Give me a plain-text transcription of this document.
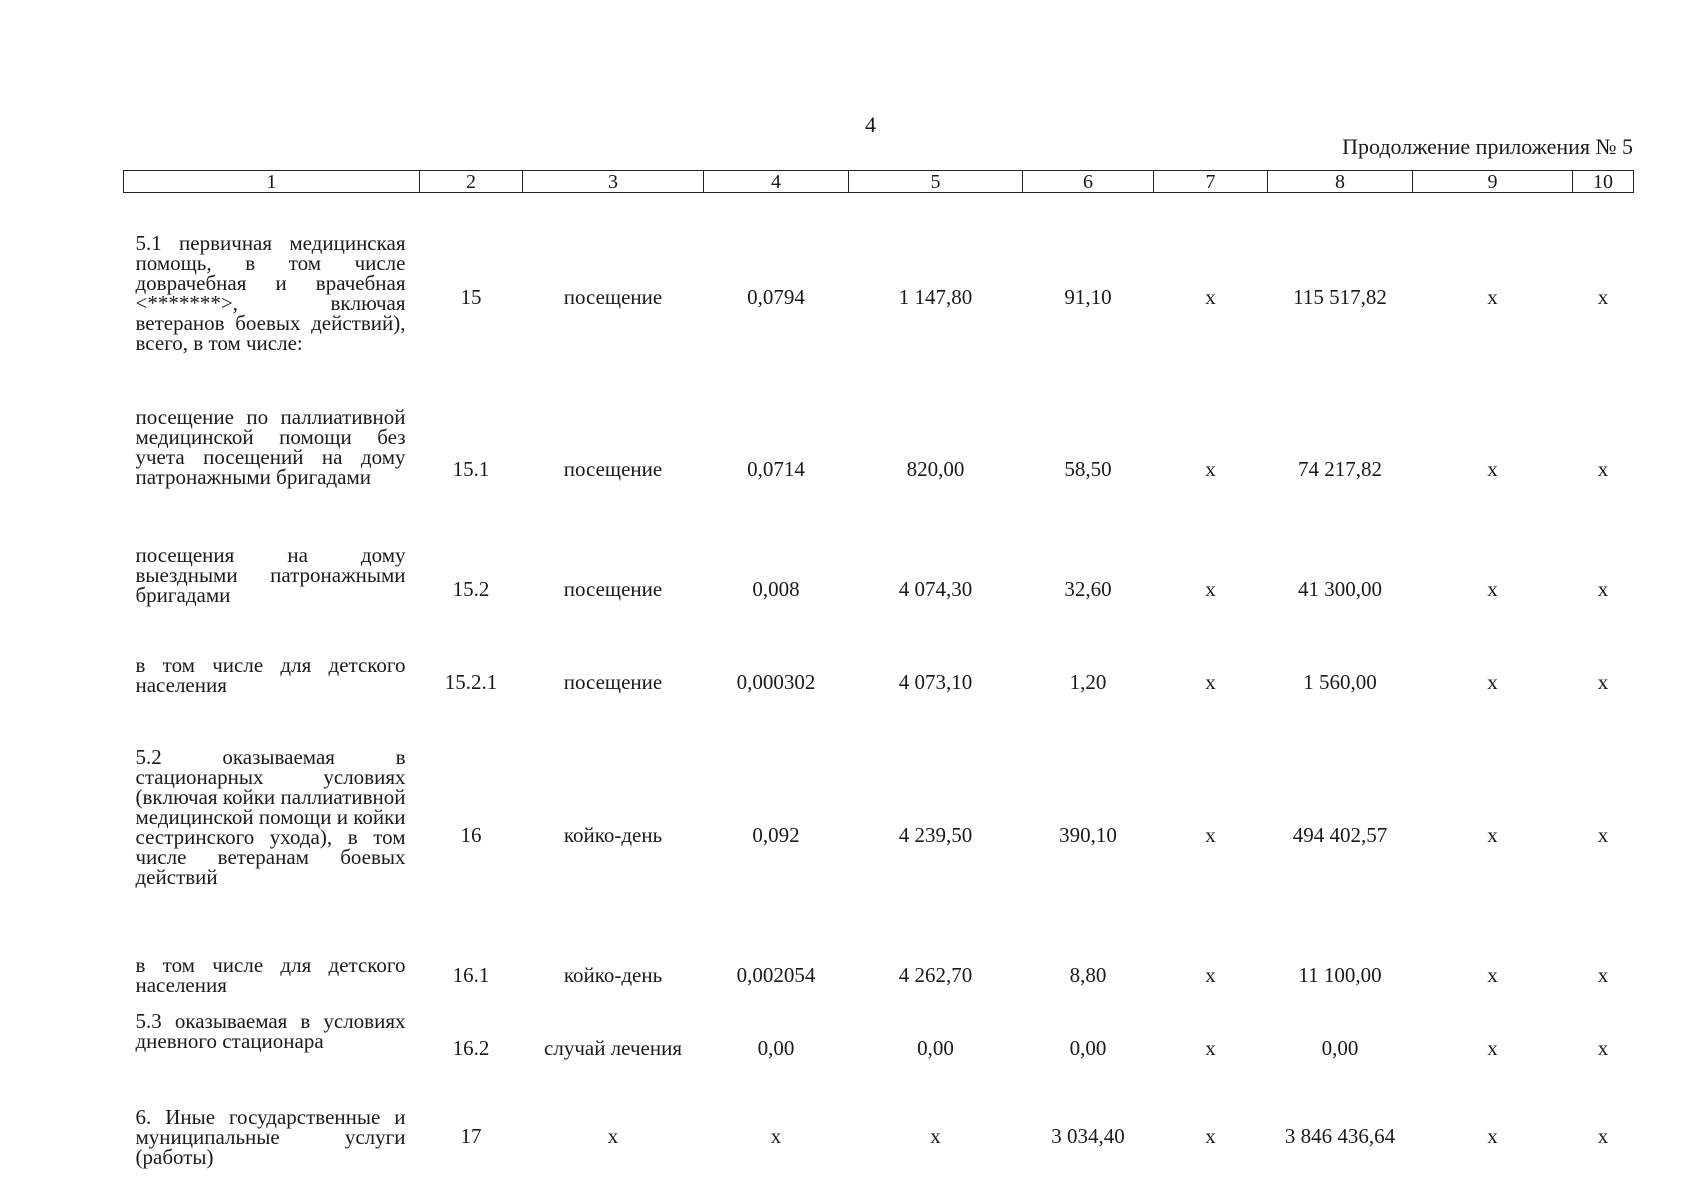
4
Продолжение приложения № 5
1	2	3	4	5	6	7	8	9	10
5.1 первичная медицинская помощь, в том числе доврачебная и врачебная <*******>, включая ветеранов боевых действий), всего, в том числе:	15	посещение	0,0794	1 147,80	91,10	х	115 517,82	х	х
посещение по паллиативной медицинской помощи без учета посещений на дому патронажными бригадами	15.1	посещение	0,0714	820,00	58,50	х	74 217,82	х	х
посещения на дому выездными патронажными бригадами	15.2	посещение	0,008	4 074,30	32,60	х	41 300,00	х	х
в том числе для детского населения	15.2.1	посещение	0,000302	4 073,10	1,20	х	1 560,00	х	х
5.2 оказываемая в стационарных условиях (включая койки паллиативной медицинской помощи и койки сестринского ухода), в том числе ветеранам боевых действий	16	койко-день	0,092	4 239,50	390,10	х	494 402,57	х	х
в том числе для детского населения	16.1	койко-день	0,002054	4 262,70	8,80	х	11 100,00	х	х
5.3 оказываемая в условиях дневного стационара	16.2	случай лечения	0,00	0,00	0,00	х	0,00	х	х
6. Иные государственные и муниципальные услуги (работы)	17	х	х	х	3 034,40	х	3 846 436,64	х	х
